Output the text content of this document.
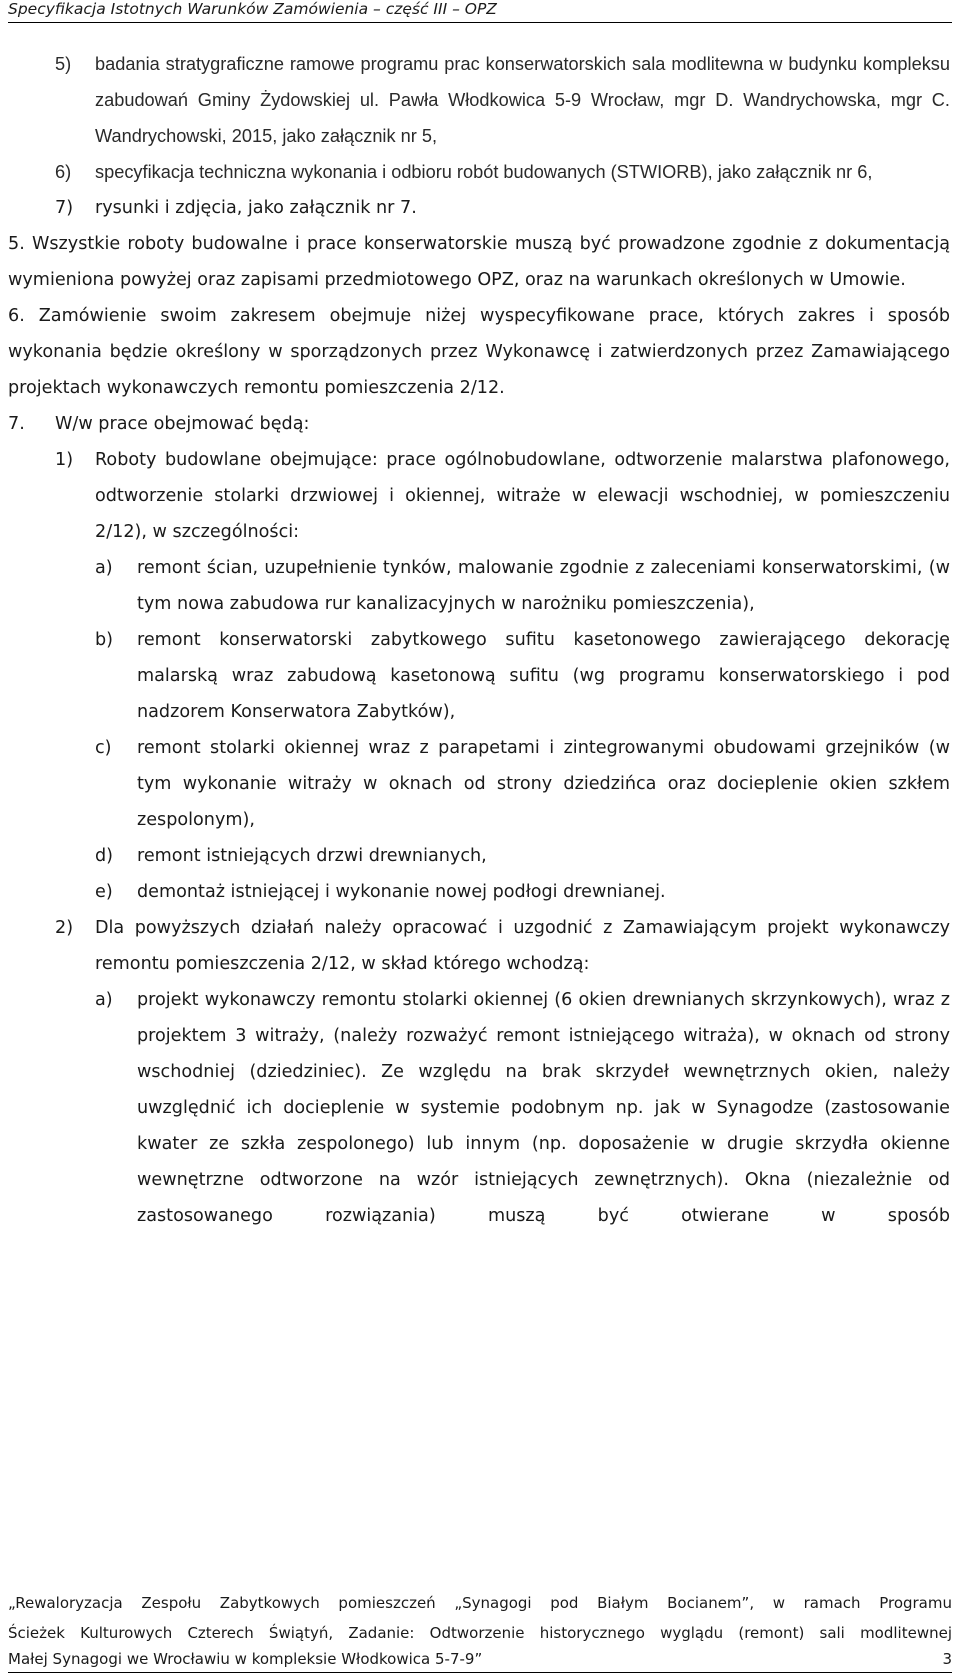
Specyfikacja Istotnych Warunków Zamówienia – część III – OPZ
5) badania stratygraficzne ramowe programu prac konserwatorskich sala modlitewna w budynku kompleksu zabudowań Gminy Żydowskiej ul. Pawła Włodkowica 5-9 Wrocław, mgr D. Wandrychowska, mgr C. Wandrychowski, 2015, jako załącznik nr 5,
6) specyfikacja techniczna wykonania i odbioru robót budowanych (STWIORB), jako załącznik nr 6,
7) rysunki i zdjęcia, jako załącznik nr 7.
5. Wszystkie roboty budowalne i prace konserwatorskie muszą być prowadzone zgodnie z dokumentacją wymieniona powyżej oraz zapisami przedmiotowego OPZ, oraz na warunkach określonych w Umowie.
6. Zamówienie swoim zakresem obejmuje niżej wyspecyfikowane prace, których zakres i sposób wykonania będzie określony w sporządzonych przez Wykonawcę i zatwierdzonych przez Zamawiającego projektach wykonawczych remontu pomieszczenia 2/12.
7. W/w prace obejmować będą:
1) Roboty budowlane obejmujące: prace ogólnobudowlane, odtworzenie malarstwa plafonowego, odtworzenie stolarki drzwiowej i okiennej, witraże w elewacji wschodniej, w pomieszczeniu 2/12), w szczególności:
a) remont ścian, uzupełnienie tynków, malowanie zgodnie z zaleceniami konserwatorskimi, (w tym nowa zabudowa rur kanalizacyjnych w narożniku pomieszczenia),
b) remont konserwatorski zabytkowego sufitu kasetonowego zawierającego dekorację malarską wraz zabudową kasetonową sufitu (wg programu konserwatorskiego i pod nadzorem Konserwatora Zabytków),
c) remont stolarki okiennej wraz z parapetami i zintegrowanymi obudowami grzejników (w tym wykonanie witraży w oknach od strony dziedzińca oraz docieplenie okien szkłem zespolonym),
d) remont istniejących drzwi drewnianych,
e) demontaż istniejącej i wykonanie nowej podłogi drewnianej.
2) Dla powyższych działań należy opracować i uzgodnić z Zamawiającym projekt wykonawczy remontu pomieszczenia 2/12, w skład którego wchodzą:
a) projekt wykonawczy remontu stolarki okiennej (6 okien drewnianych skrzynkowych), wraz z projektem 3 witraży, (należy rozważyć remont istniejącego witraża), w oknach od strony wschodniej (dziedziniec). Ze względu na brak skrzydeł wewnętrznych okien, należy uwzględnić ich docieplenie w systemie podobnym np. jak w Synagodze (zastosowanie kwater ze szkła zespolonego) lub innym (np. doposażenie w drugie skrzydła okienne wewnętrzne odtworzone na wzór istniejących zewnętrznych). Okna (niezależnie od zastosowanego rozwiązania) muszą być otwierane w sposób
„Rewaloryzacja Zespołu Zabytkowych pomieszczeń „Synagogi pod Białym Bocianem”, w ramach Programu
Ścieżek Kulturowych Czterech Świątyń, Zadanie: Odtworzenie historycznego wyglądu (remont) sali modlitewnej
Małej Synagogi we Wrocławiu w kompleksie Włodkowica 5-7-9”	3
